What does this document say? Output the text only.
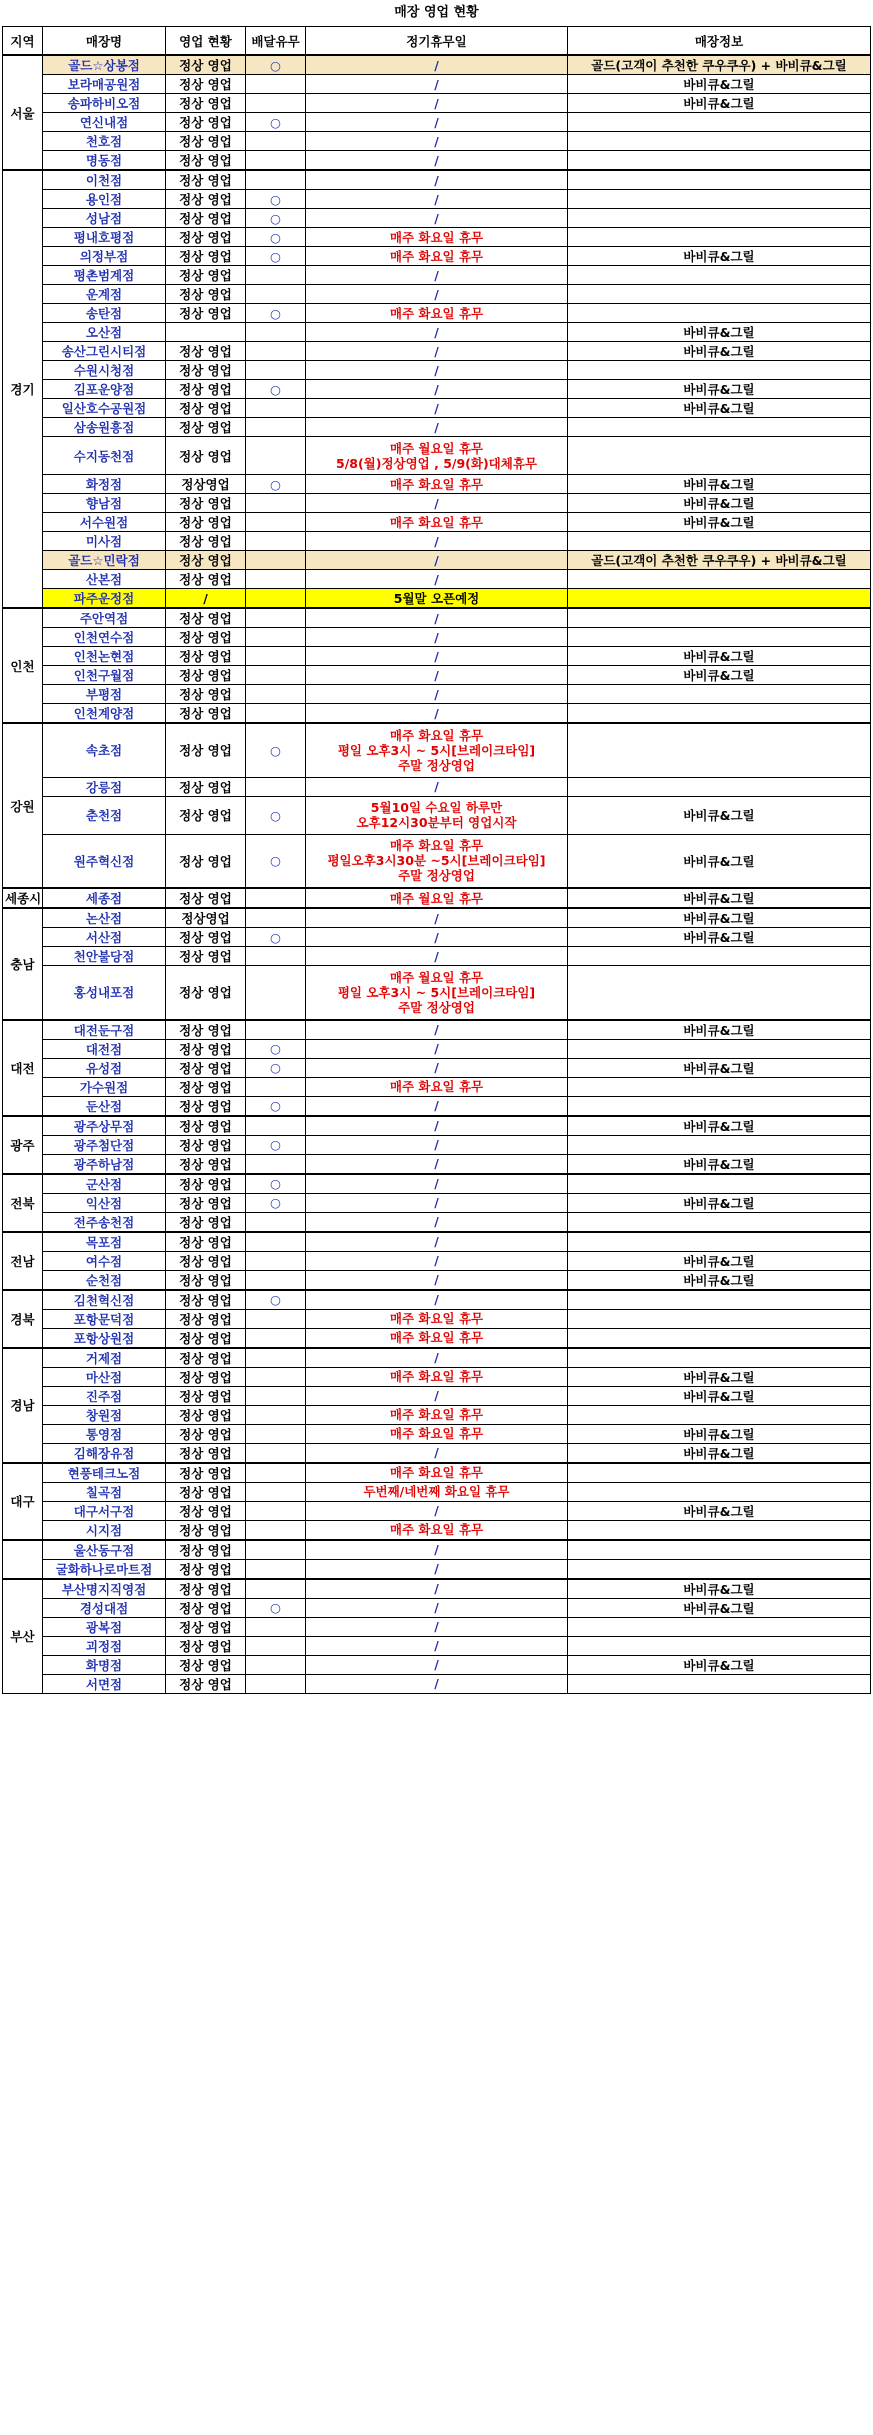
매장 영업 현황
지역	매장명	영업 현황	배달유무	정기휴무일	매장정보
서울	골드☆상봉점	정상 영업	○	/	골드(고객이 추천한 쿠우쿠우) + 바비큐&그릴
	보라매공원점	정상 영업		/	바비큐&그릴
	송파하비오점	정상 영업		/	바비큐&그릴
	연신내점	정상 영업	○	/	

	천호점	정상 영업		/	

	명동점	정상 영업		/	

경기	이천점	정상 영업		/	

	용인점	정상 영업	○	/	

	성남점	정상 영업	○	/	

	평내호평점	정상 영업	○	매주 화요일 휴무	

	의정부점	정상 영업	○	매주 화요일 휴무	바비큐&그릴
	평촌범계점	정상 영업		/	

	운계점	정상 영업		/	

	송탄점	정상 영업	○	매주 화요일 휴무	

	오산점			/	바비큐&그릴
	송산그린시티점	정상 영업		/	바비큐&그릴
	수원시청점	정상 영업		/	

	김포운양점	정상 영업	○	/	바비큐&그릴
	일산호수공원점	정상 영업		/	바비큐&그릴
	삼송원흥점	정상 영업		/	

	수지동천점	정상 영업		매주 월요일 휴무
5/8(월)정상영업 , 5/9(화)대체휴무	

	화정점	정상영업	○	매주 화요일 휴무	바비큐&그릴
	향남점	정상 영업		/	바비큐&그릴
	서수원점	정상 영업		매주 화요일 휴무	바비큐&그릴
	미사점	정상 영업		/	

	골드☆민락점	정상 영업		/	골드(고객이 추천한 쿠우쿠우) + 바비큐&그릴
	산본점	정상 영업		/	

	파주운정점	/		5월말 오픈예정	

인천	주안역점	정상 영업		/	

	인천연수점	정상 영업		/	

	인천논현점	정상 영업		/	바비큐&그릴
	인천구월점	정상 영업		/	바비큐&그릴
	부평점	정상 영업		/	

	인천계양점	정상 영업		/	

강원	속초점	정상 영업	○	매주 화요일 휴무
평일 오후3시 ~ 5시[브레이크타임]
주말 정상영업	

	강릉점	정상 영업		/	

	춘천점	정상 영업	○	5월10일 수요일 하루만
오후12시30분부터 영업시작	바비큐&그릴
	원주혁신점	정상 영업	○	매주 화요일 휴무
평일오후3시30분 ~5시[브레이크타임]
주말 정상영업	바비큐&그릴
세종시	세종점	정상 영업		매주 월요일 휴무	바비큐&그릴
충남	논산점	정상영업		/	바비큐&그릴
	서산점	정상 영업	○	/	바비큐&그릴
	천안불당점	정상 영업		/	

	홍성내포점	정상 영업		매주 월요일 휴무
평일 오후3시 ~ 5시[브레이크타임]
주말 정상영업	

대전	대전둔구점	정상 영업		/	바비큐&그릴
	대전점	정상 영업	○	/	

	유성점	정상 영업	○	/	바비큐&그릴
	가수원점	정상 영업		매주 화요일 휴무	

	둔산점	정상 영업	○	/	

광주	광주상무점	정상 영업		/	바비큐&그릴
	광주첨단점	정상 영업	○	/	

	광주하남점	정상 영업		/	바비큐&그릴
전북	군산점	정상 영업	○	/	

	익산점	정상 영업	○	/	바비큐&그릴
	전주송천점	정상 영업		/	

전남	목포점	정상 영업		/	

	여수점	정상 영업		/	바비큐&그릴
	순천점	정상 영업		/	바비큐&그릴
경북	김천혁신점	정상 영업	○	/	

	포항문덕점	정상 영업		매주 화요일 휴무	

	포항상원점	정상 영업		매주 화요일 휴무	

경남	거제점	정상 영업		/	

	마산점	정상 영업		매주 화요일 휴무	바비큐&그릴
	진주점	정상 영업		/	바비큐&그릴
	창원점	정상 영업		매주 화요일 휴무	

	통영점	정상 영업		매주 화요일 휴무	바비큐&그릴
	김해장유점	정상 영업		/	바비큐&그릴
대구	현풍테크노점	정상 영업		매주 화요일 휴무	

	칠곡점	정상 영업		두번째/네번째 화요일 휴무	

	대구서구점	정상 영업		/	바비큐&그릴
	시지점	정상 영업		매주 화요일 휴무	

	울산동구점	정상 영업		/	

	굴화하나로마트점	정상 영업		/	

부산	부산명지직영점	정상 영업		/	바비큐&그릴
	경성대점	정상 영업	○	/	바비큐&그릴
	광복점	정상 영업		/	

	괴정점	정상 영업		/	

	화명점	정상 영업		/	바비큐&그릴
	서면점	정상 영업		/	
